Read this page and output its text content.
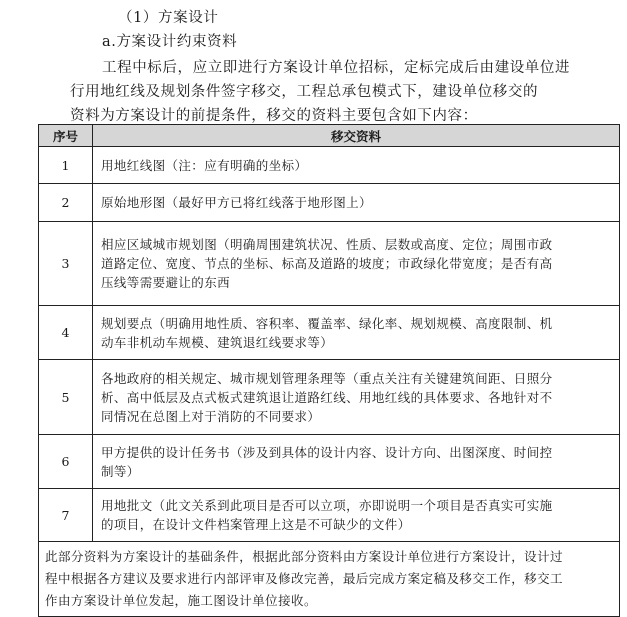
（1）方案设计
a.方案设计约束资料
工程中标后，应立即进行方案设计单位招标，定标完成后由建设单位进
行用地红线及规划条件签字移交，工程总承包模式下，建设单位移交的
资料为方案设计的前提条件，移交的资料主要包含如下内容：
序号	移交资料
1	用地红线图（注：应有明确的坐标）

2	原始地形图（最好甲方已将红线落于地形图上）

3	相应区域城市规划图（明确周围建筑状况、性质、层数或高度、定位；周围市政
道路定位、宽度、节点的坐标、标高及道路的坡度；市政绿化带宽度；是否有高
压线等需要避让的东西

4	规划要点（明确用地性质、容积率、覆盖率、绿化率、规划规模、高度限制、机
动车非机动车规模、建筑退红线要求等）

5	各地政府的相关规定、城市规划管理条理等（重点关注有关键建筑间距、日照分
析、高中低层及点式板式建筑退让道路红线、用地红线的具体要求、各地针对不
同情况在总图上对于消防的不同要求）

6	甲方提供的设计任务书（涉及到具体的设计内容、设计方向、出图深度、时间控
制等）

7	用地批文（此文关系到此项目是否可以立项，亦即说明一个项目是否真实可实施
的项目，在设计文件档案管理上这是不可缺少的文件）

此部分资料为方案设计的基础条件，根据此部分资料由方案设计单位进行方案设计，设计过
程中根据各方建议及要求进行内部评审及修改完善，最后完成方案定稿及移交工作，移交工
作由方案设计单位发起，施工图设计单位接收。	
